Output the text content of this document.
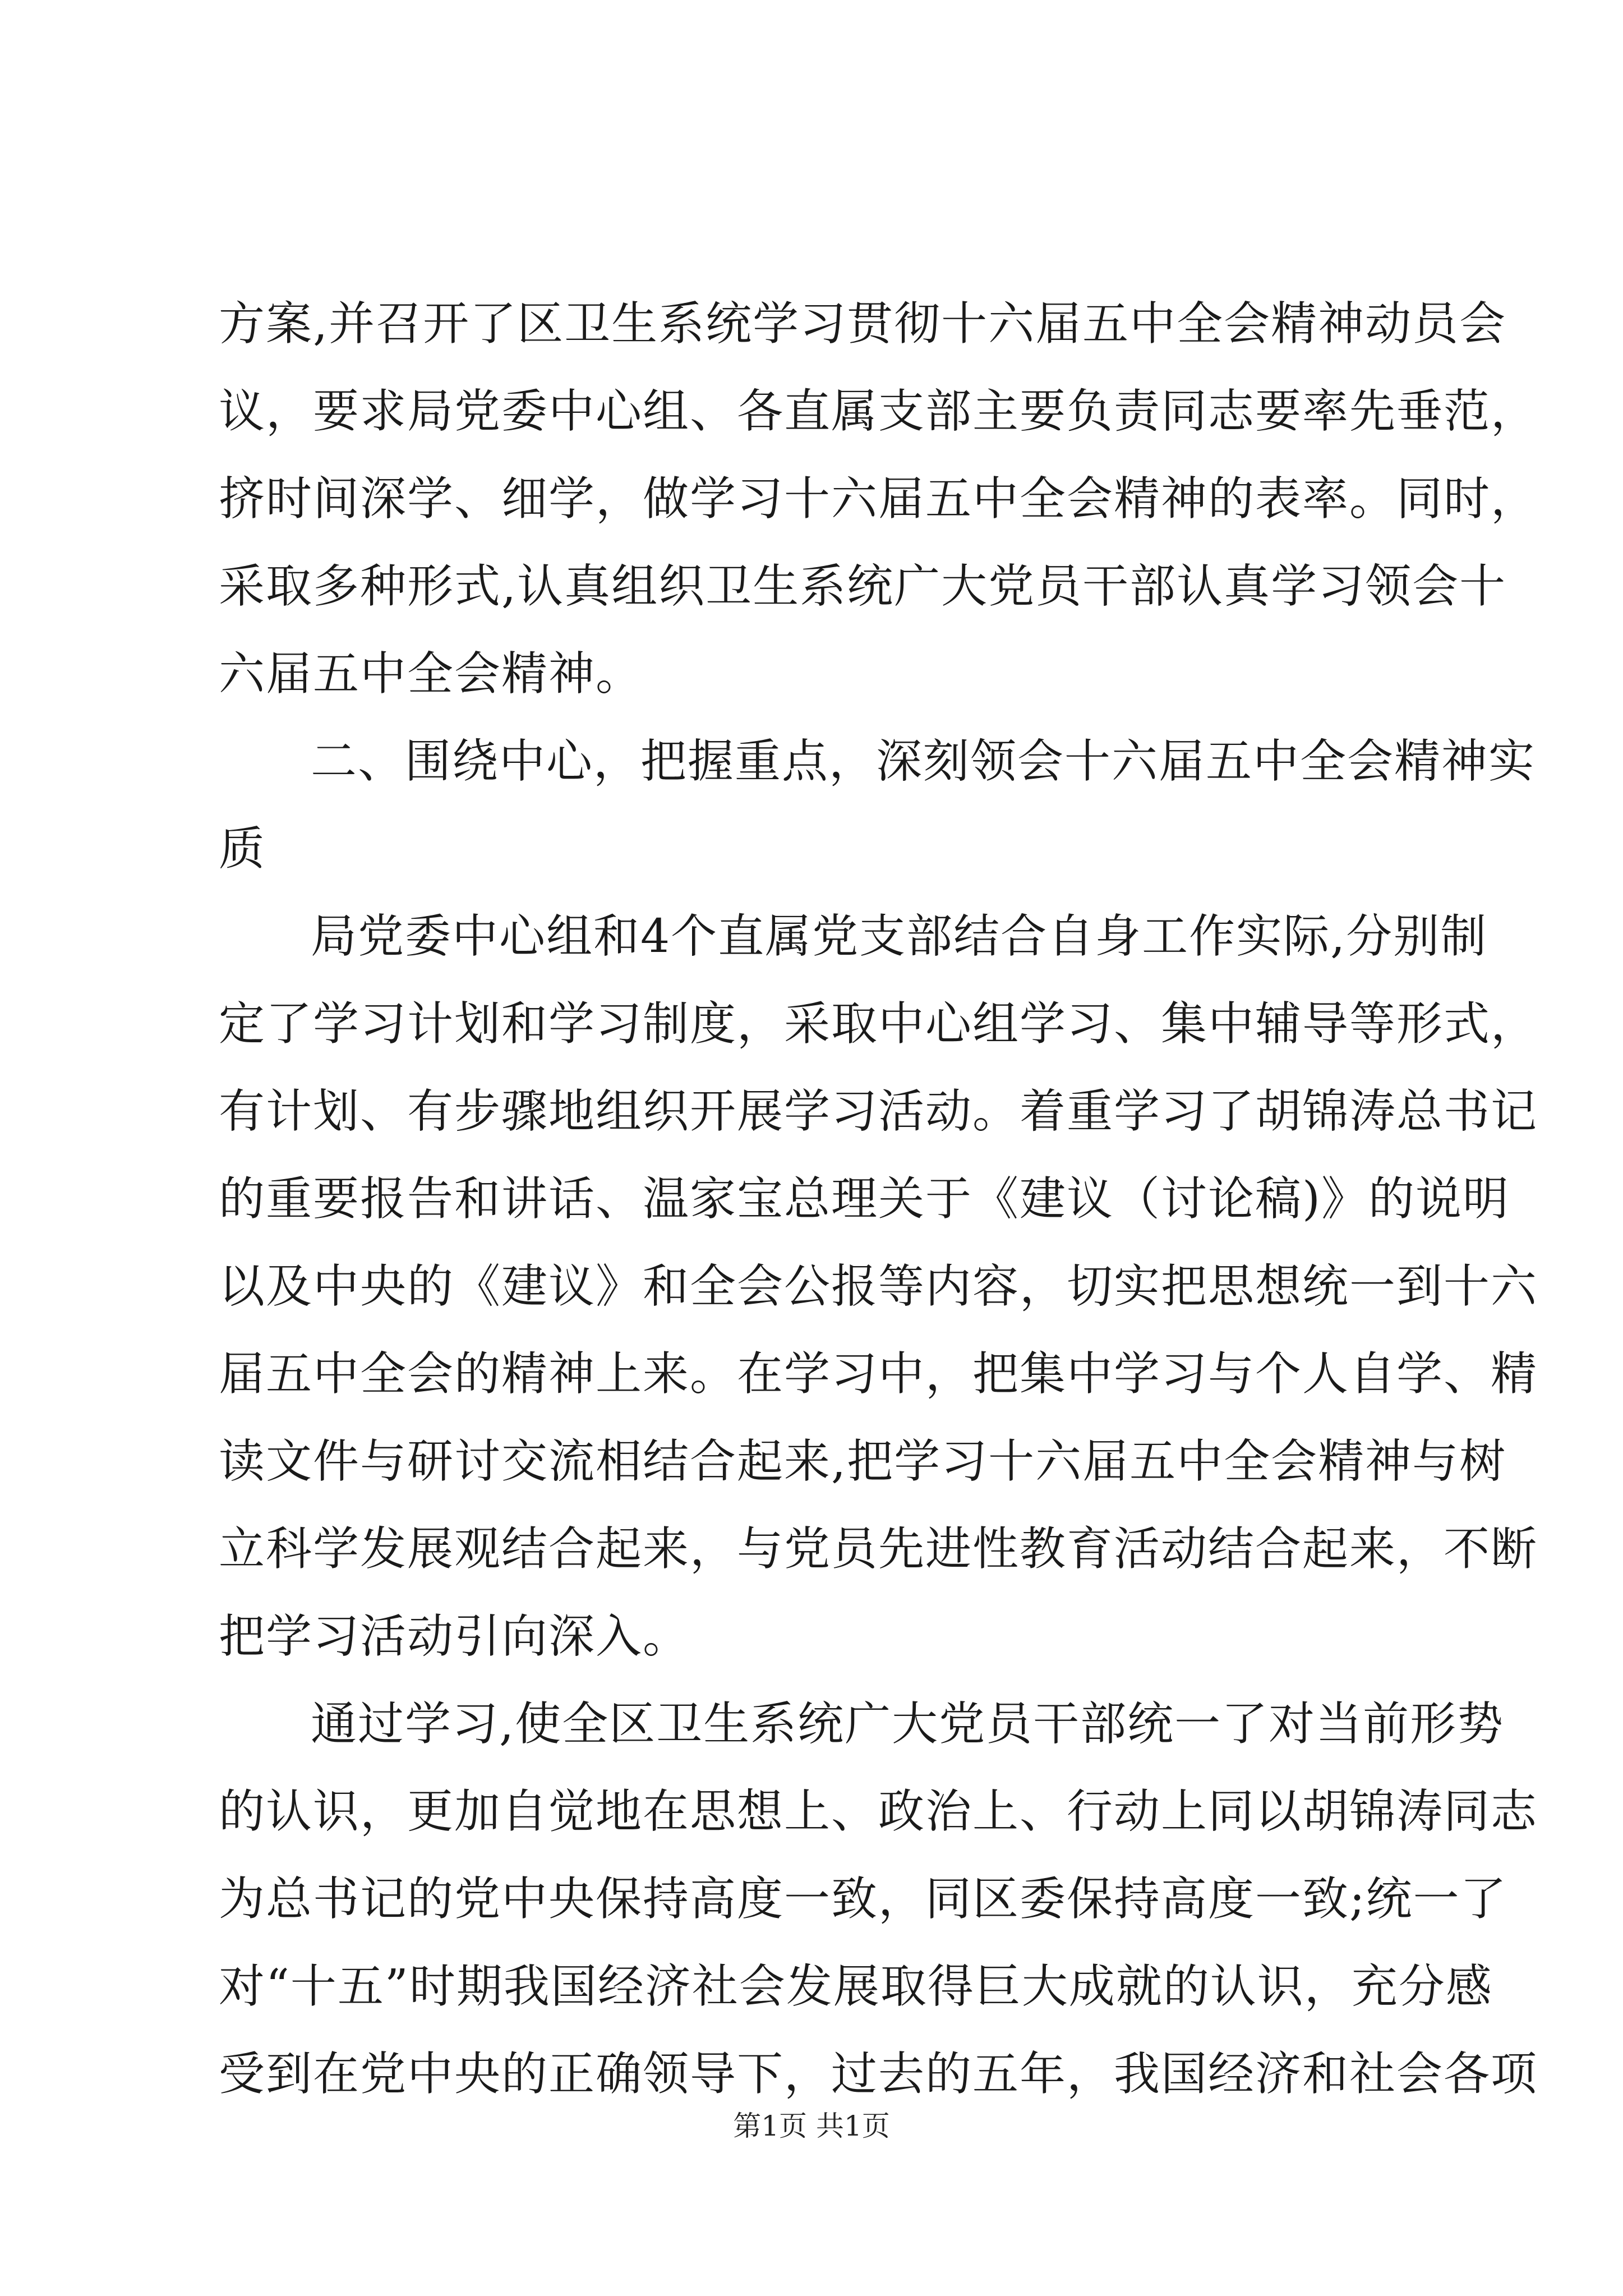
方案,并召开了区卫生系统学习贯彻十六届五中全会精神动员会
议，要求局党委中心组、各直属支部主要负责同志要率先垂范，
挤时间深学、细学，做学习十六届五中全会精神的表率。同时，
采取多种形式,认真组织卫生系统广大党员干部认真学习领会十
六届五中全会精神。
二、围绕中心，把握重点，深刻领会十六届五中全会精神实
质
局党委中心组和4个直属党支部结合自身工作实际,分别制
定了学习计划和学习制度，采取中心组学习、集中辅导等形式，
有计划、有步骤地组织开展学习活动。着重学习了胡锦涛总书记
的重要报告和讲话、温家宝总理关于《建议（讨论稿)》的说明
以及中央的《建议》和全会公报等内容，切实把思想统一到十六
届五中全会的精神上来。在学习中，把集中学习与个人自学、精
读文件与研讨交流相结合起来,把学习十六届五中全会精神与树
立科学发展观结合起来，与党员先进性教育活动结合起来，不断
把学习活动引向深入。
通过学习,使全区卫生系统广大党员干部统一了对当前形势
的认识，更加自觉地在思想上、政治上、行动上同以胡锦涛同志
为总书记的党中央保持高度一致，同区委保持高度一致;统一了
对“十五”时期我国经济社会发展取得巨大成就的认识，充分感
受到在党中央的正确领导下，过去的五年，我国经济和社会各项
第1页 共1页
